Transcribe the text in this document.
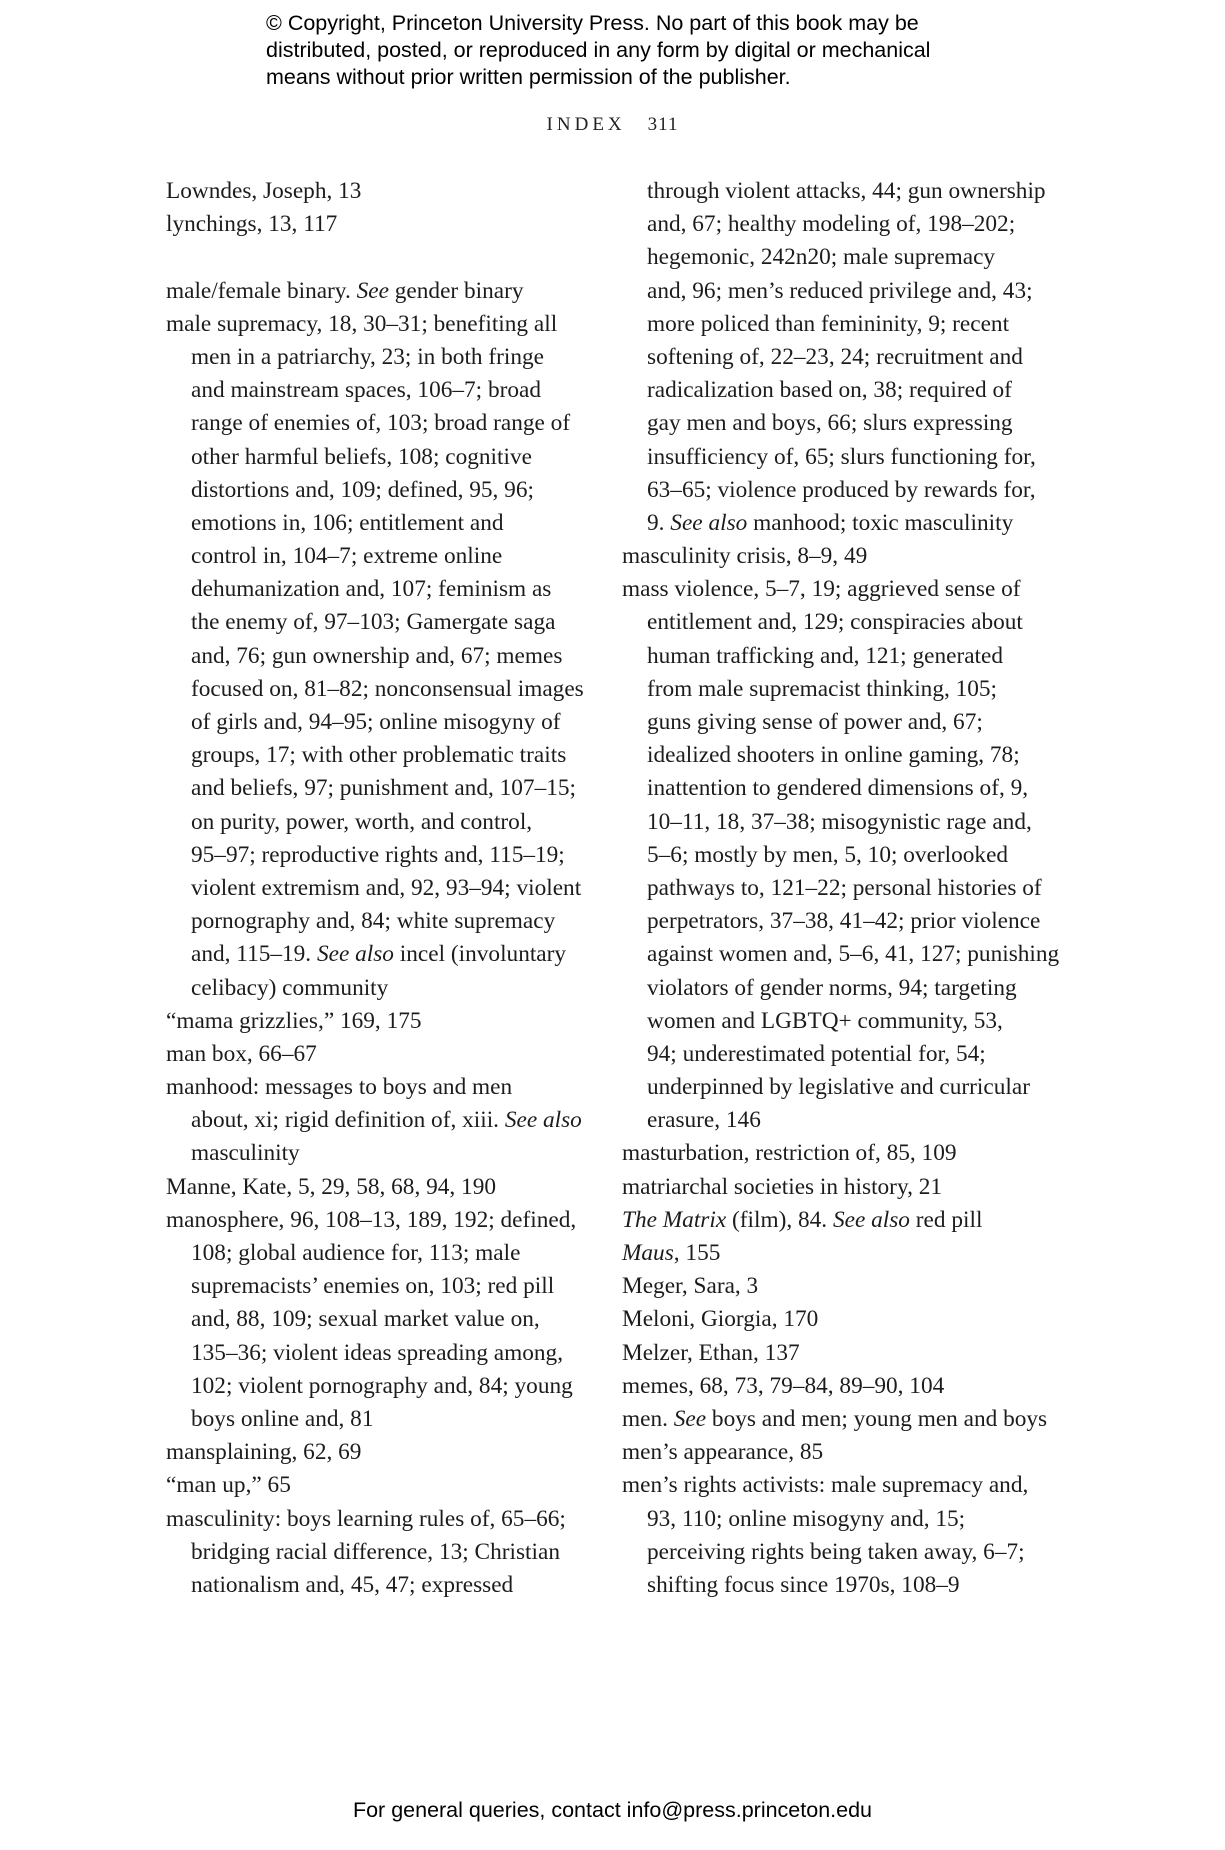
© Copyright, Princeton University Press. No part of this book may be
distributed, posted, or reproduced in any form by digital or mechanical
means without prior written permission of the publisher.
INDEX 311
Lowndes, Joseph, 13
lynchings, 13, 117
male/female binary. See gender binary
male supremacy, 18, 30–31; benefiting all
men in a patriarchy, 23; in both fringe
and mainstream spaces, 106–7; broad
range of enemies of, 103; broad range of
other harmful beliefs, 108; cognitive
distortions and, 109; defined, 95, 96;
emotions in, 106; entitlement and
control in, 104–7; extreme online
dehumanization and, 107; feminism as
the enemy of, 97–103; Gamergate saga
and, 76; gun ownership and, 67; memes
focused on, 81–82; nonconsensual images
of girls and, 94–95; online misogyny of
groups, 17; with other problematic traits
and beliefs, 97; punishment and, 107–15;
on purity, power, worth, and control,
95–97; reproductive rights and, 115–19;
violent extremism and, 92, 93–94; violent
pornography and, 84; white supremacy
and, 115–19. See also incel (involuntary
celibacy) community
“mama grizzlies,” 169, 175
man box, 66–67
manhood: messages to boys and men
about, xi; rigid definition of, xiii. See also
masculinity
Manne, Kate, 5, 29, 58, 68, 94, 190
manosphere, 96, 108–13, 189, 192; defined,
108; global audience for, 113; male
supremacists’ enemies on, 103; red pill
and, 88, 109; sexual market value on,
135–36; violent ideas spreading among,
102; violent pornography and, 84; young
boys online and, 81
mansplaining, 62, 69
“man up,” 65
masculinity: boys learning rules of, 65–66;
bridging racial difference, 13; Christian
nationalism and, 45, 47; expressed
through violent attacks, 44; gun ownership
and, 67; healthy modeling of, 198–202;
hegemonic, 242n20; male supremacy
and, 96; men’s reduced privilege and, 43;
more policed than femininity, 9; recent
softening of, 22–23, 24; recruitment and
radicalization based on, 38; required of
gay men and boys, 66; slurs expressing
insufficiency of, 65; slurs functioning for,
63–65; violence produced by rewards for,
9. See also manhood; toxic masculinity
masculinity crisis, 8–9, 49
mass violence, 5–7, 19; aggrieved sense of
entitlement and, 129; conspiracies about
human trafficking and, 121; generated
from male supremacist thinking, 105;
guns giving sense of power and, 67;
idealized shooters in online gaming, 78;
inattention to gendered dimensions of, 9,
10–11, 18, 37–38; misogynistic rage and,
5–6; mostly by men, 5, 10; overlooked
pathways to, 121–22; personal histories of
perpetrators, 37–38, 41–42; prior violence
against women and, 5–6, 41, 127; punishing
violators of gender norms, 94; targeting
women and LGBTQ+ community, 53,
94; underestimated potential for, 54;
underpinned by legislative and curricular
erasure, 146
masturbation, restriction of, 85, 109
matriarchal societies in history, 21
The Matrix (film), 84. See also red pill
Maus, 155
Meger, Sara, 3
Meloni, Giorgia, 170
Melzer, Ethan, 137
memes, 68, 73, 79–84, 89–90, 104
men. See boys and men; young men and boys
men’s appearance, 85
men’s rights activists: male supremacy and,
93, 110; online misogyny and, 15;
perceiving rights being taken away, 6–7;
shifting focus since 1970s, 108–9
For general queries, contact info@press.princeton.edu
